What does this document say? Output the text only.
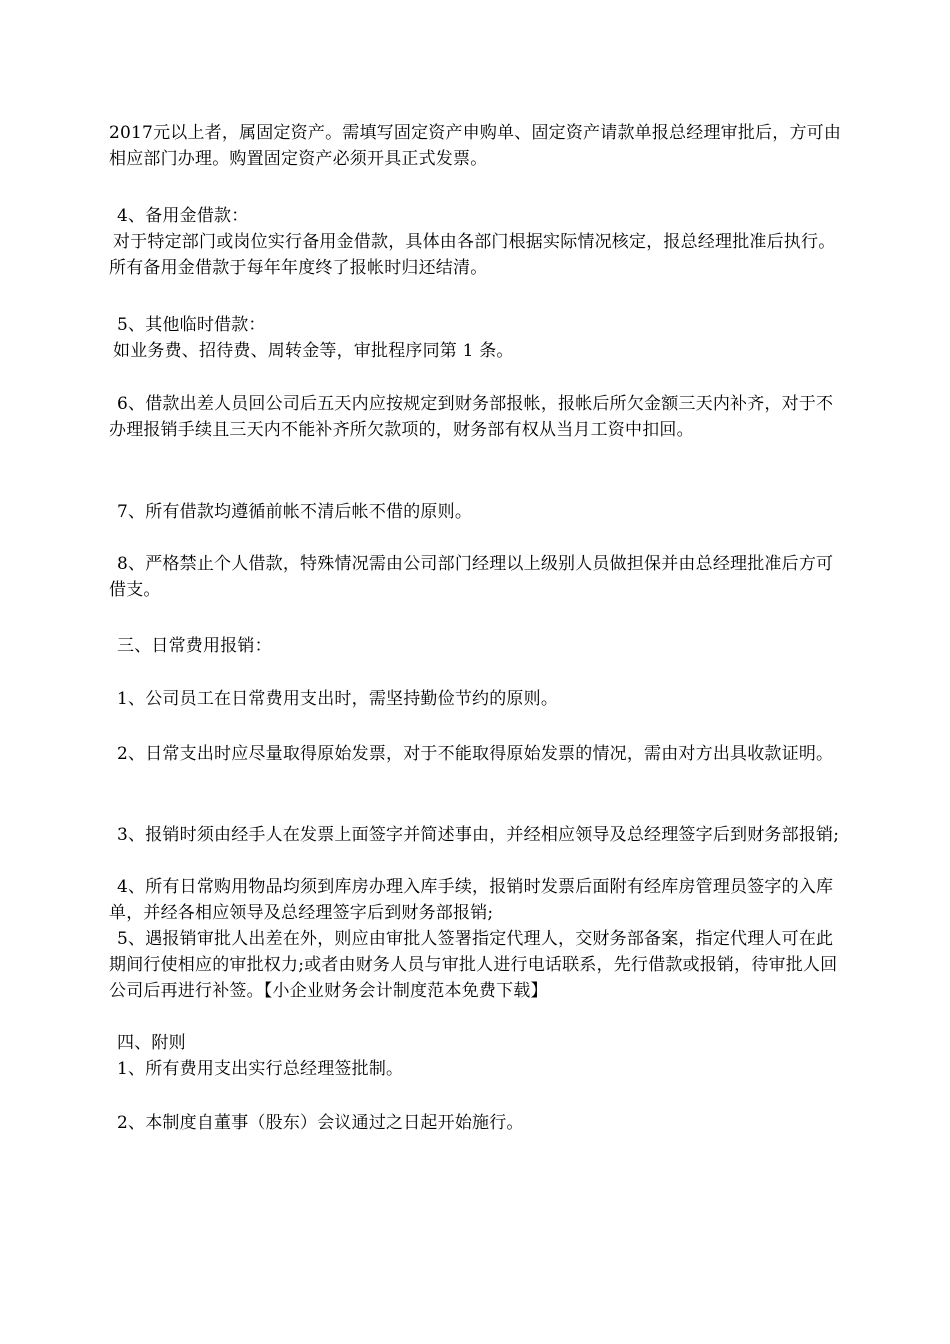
2017元以上者，属固定资产。需填写固定资产申购单、固定资产请款单报总经理审批后，方可由相应部门办理。购置固定资产必须开具正式发票。

4、备用金借款：

对于特定部门或岗位实行备用金借款，具体由各部门根据实际情况核定，报总经理批准后执行。所有备用金借款于每年年度终了报帐时归还结清。

5、其他临时借款：

如业务费、招待费、周转金等，审批程序同第 1 条。

6、借款出差人员回公司后五天内应按规定到财务部报帐，报帐后所欠金额三天内补齐，对于不办理报销手续且三天内不能补齐所欠款项的，财务部有权从当月工资中扣回。

7、所有借款均遵循前帐不清后帐不借的原则。

8、严格禁止个人借款，特殊情况需由公司部门经理以上级别人员做担保并由总经理批准后方可借支。

三、日常费用报销：

1、公司员工在日常费用支出时，需坚持勤俭节约的原则。

2、日常支出时应尽量取得原始发票，对于不能取得原始发票的情况，需由对方出具收款证明。

3、报销时须由经手人在发票上面签字并简述事由，并经相应领导及总经理签字后到财务部报销;

4、所有日常购用物品均须到库房办理入库手续，报销时发票后面附有经库房管理员签字的入库单，并经各相应领导及总经理签字后到财务部报销;

5、遇报销审批人出差在外，则应由审批人签署指定代理人，交财务部备案，指定代理人可在此期间行使相应的审批权力;或者由财务人员与审批人进行电话联系，先行借款或报销，待审批人回公司后再进行补签。【小企业财务会计制度范本免费下载】

四、附则

1、所有费用支出实行总经理签批制。

2、本制度自董事（股东）会议通过之日起开始施行。
